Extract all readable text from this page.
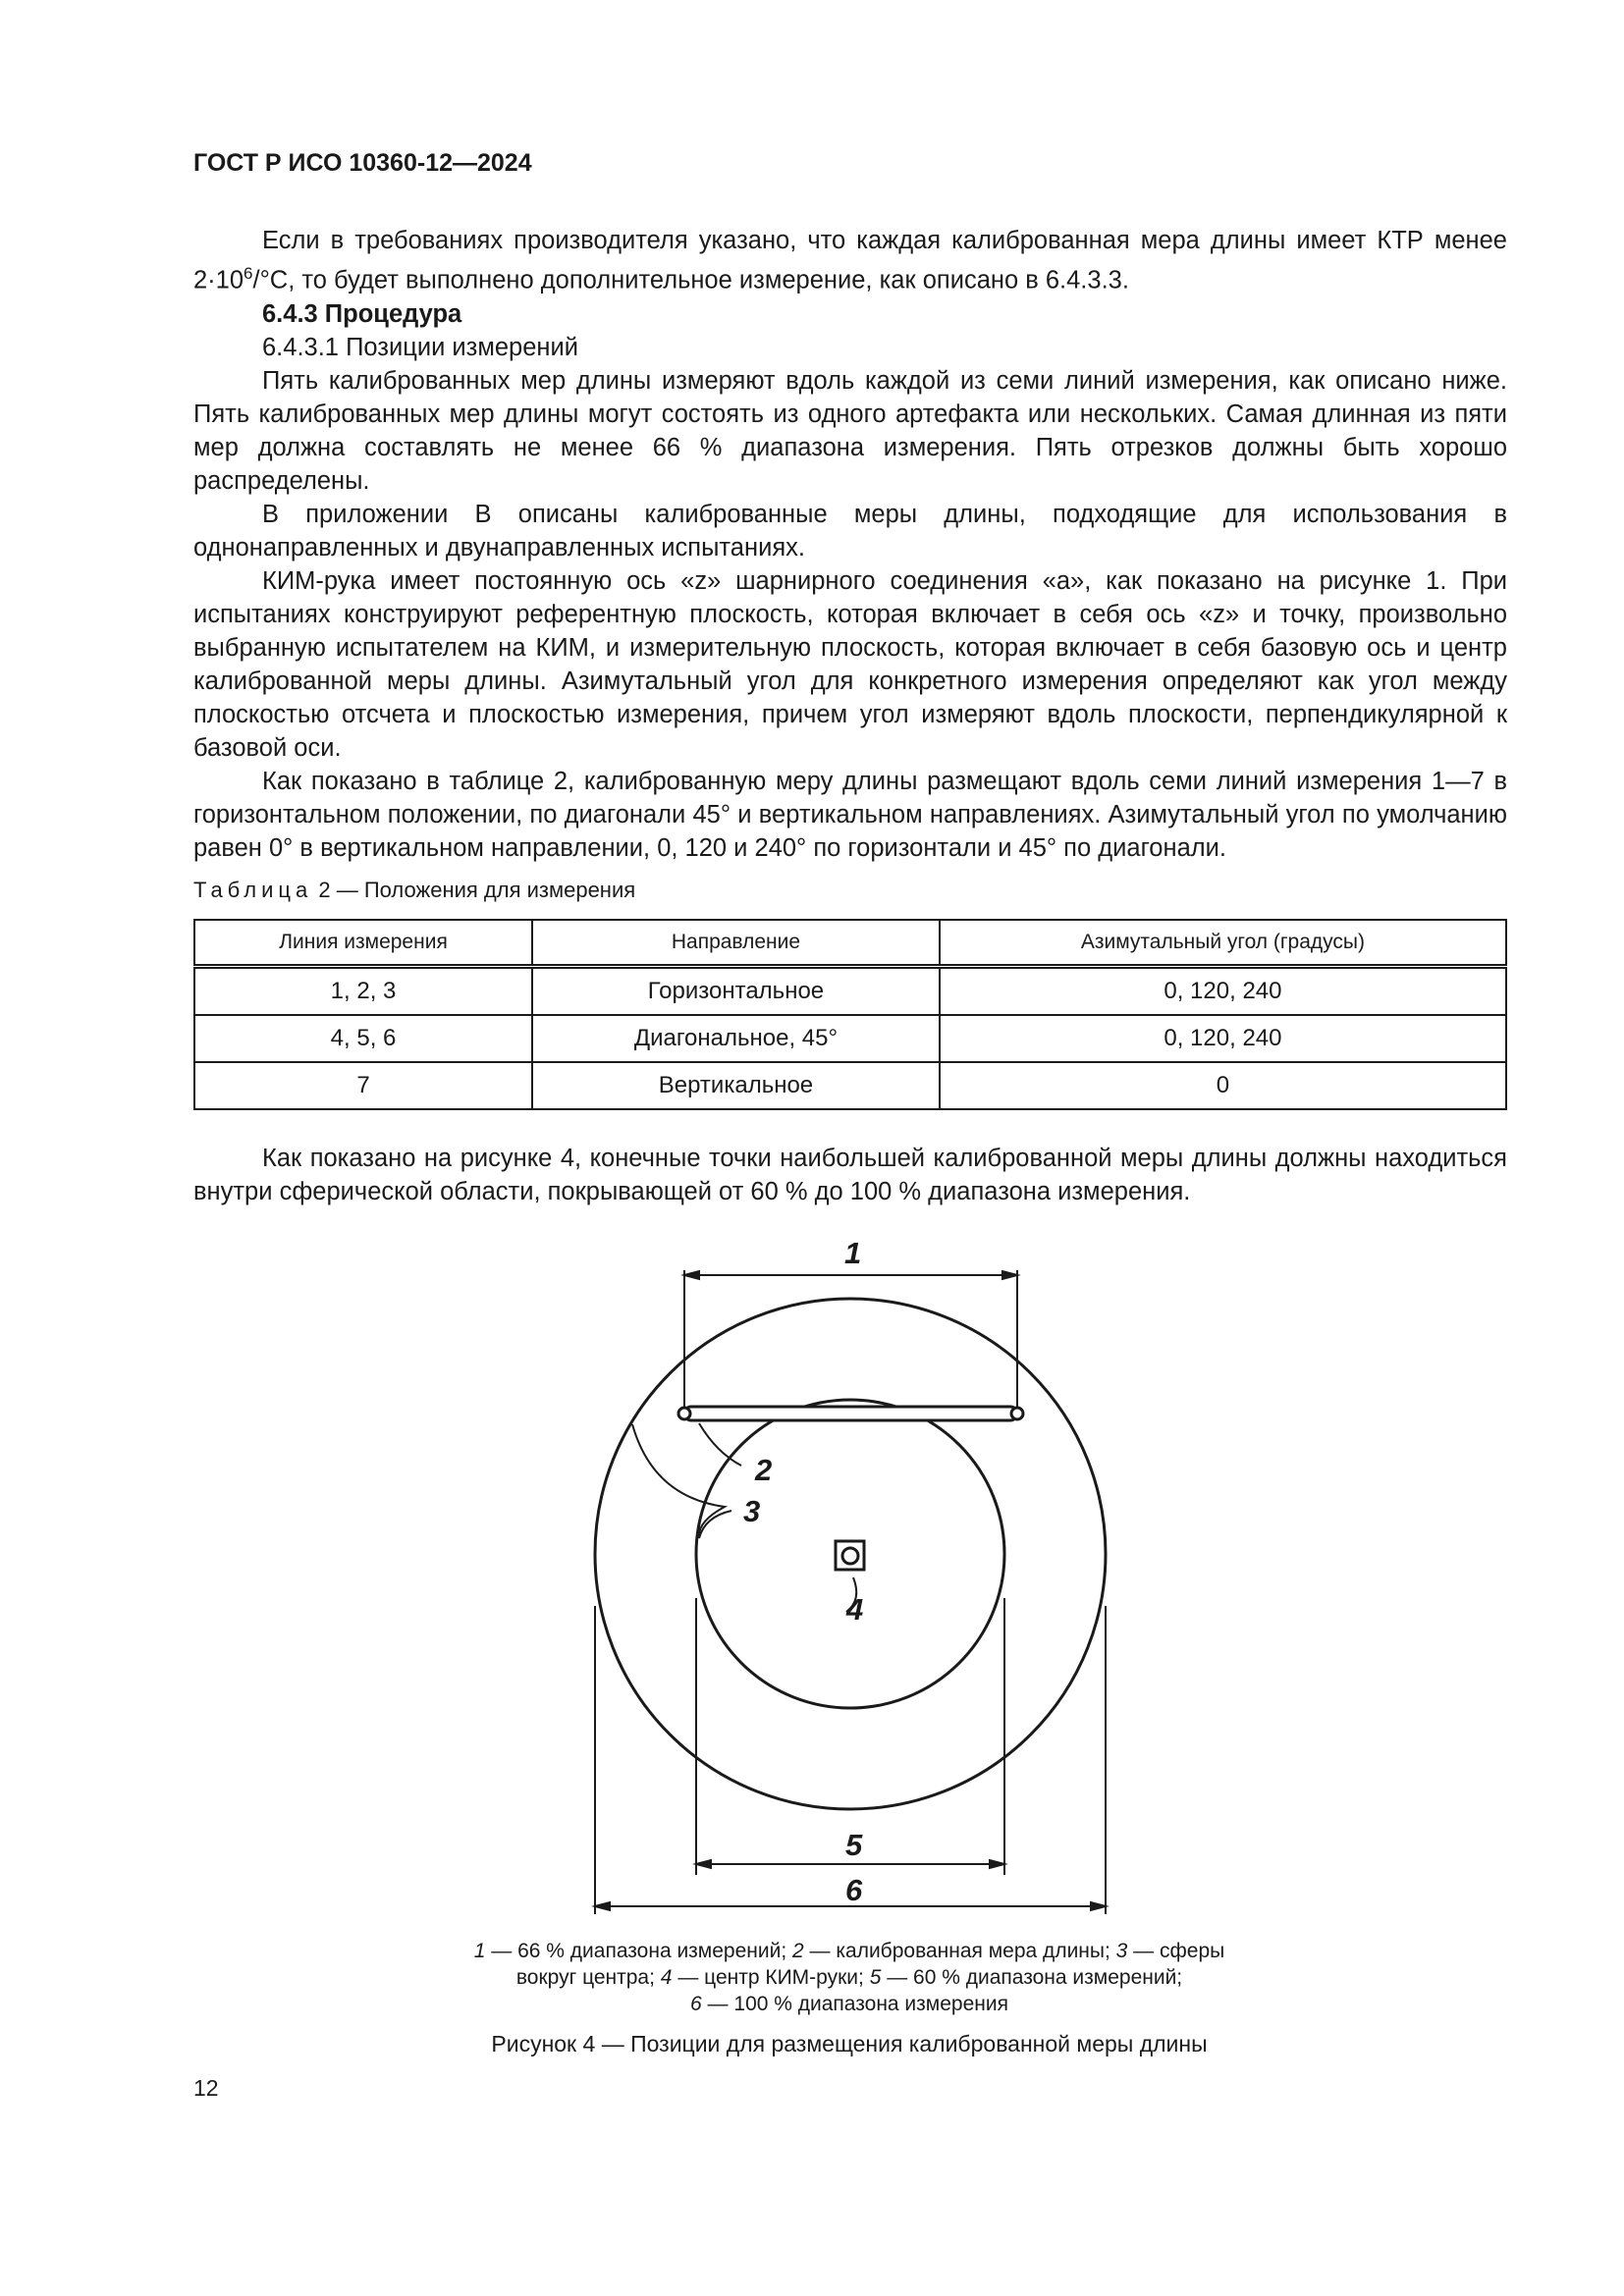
ГОСТ Р ИСО 10360-12—2024

Если в требованиях производителя указано, что каждая калиброванная мера длины имеет КТР менее $2\cdot 10^6/^\circ C$, то будет выполнено дополнительное измерение, как описано в 6.4.3.3.

6.4.3 Процедура

6.4.3.1 Позиции измерений

Пять калиброванных мер длины измеряют вдоль каждой из семи линий измерения, как описано ниже. Пять калиброванных мер длины могут состоять из одного артефакта или нескольких. Самая длинная из пяти мер должна составлять не менее 66 % диапазона измерения. Пять отрезков должны быть хорошо распределены.

В приложении В описаны калиброванные меры длины, подходящие для использования в однонаправленных и двунаправленных испытаниях.

КИМ-рука имеет постоянную ось «z» шарнирного соединения «a», как показано на рисунке 1. При испытаниях конструируют референтную плоскость, которая включает в себя ось «z» и точку, произвольно выбранную испытателем на КИМ, и измерительную плоскость, которая включает в себя базовую ось и центр калиброванной меры длины. Азимутальный угол для конкретного измерения определяют как угол между плоскостью отсчета и плоскостью измерения, причем угол измеряют вдоль плоскости, перпендикулярной к базовой оси.

Как показано в таблице 2, калиброванную меру длины размещают вдоль семи линий измерения 1—7 в горизонтальном положении, по диагонали 45° и вертикальном направлениях. Азимутальный угол по умолчанию равен 0° в вертикальном направлении, 0, 120 и 240° по горизонтали и 45° по диагонали.

Таблица 2 — Положения для измерения
Линия измерения	Направление	Азимутальный угол (градусы)
1, 2, 3	Горизонтальное	0, 120, 240
4, 5, 6	Диагональное, 45°	0, 120, 240
7	Вертикальное	0

Как показано на рисунке 4, конечные точки наибольшей калиброванной меры длины должны находиться внутри сферической области, покрывающей от 60 % до 100 % диапазона измерения.

1
2
3
4
5
6
1 — 66 % диапазона измерений; 2 — калиброванная мера длины; 3 — сферы
вокруг центра; 4 — центр КИМ-руки; 5 — 60 % диапазона измерений;
6 — 100 % диапазона измерения
Рисунок 4 — Позиции для размещения калиброванной меры длины
12
